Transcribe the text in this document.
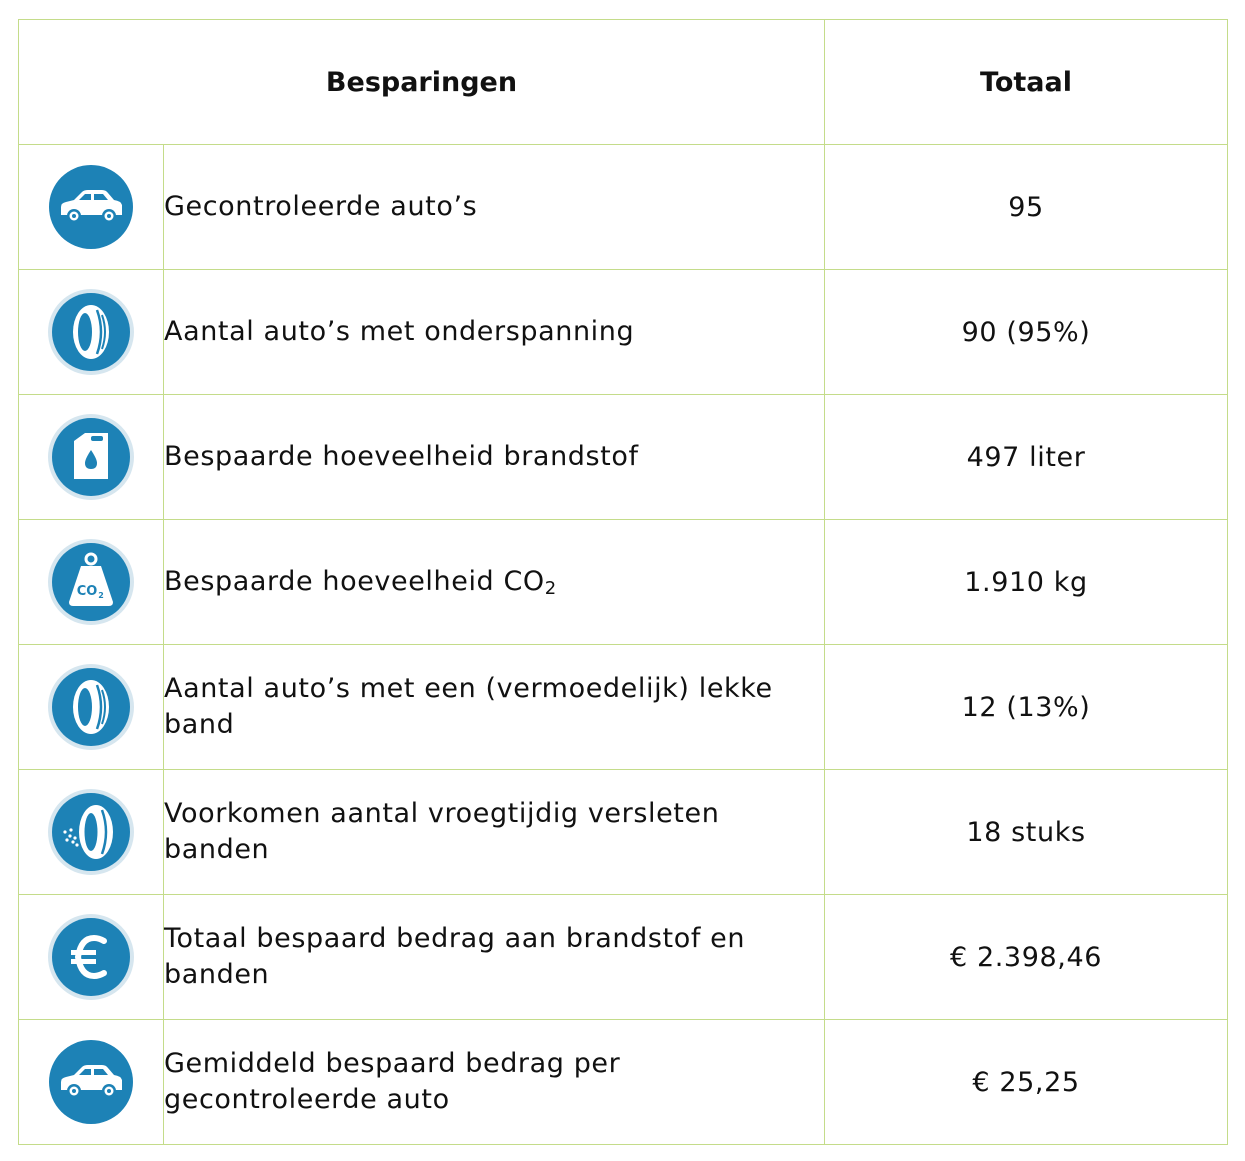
Besparingen		Totaal

	Gecontroleerde auto’s	95

	Aantal auto’s met onderspanning	90 (95%)

	Bespaarde hoeveelheid brandstof	497 liter

CO 2	Bespaarde hoeveelheid $CO_2$	1.910 kg

	Aantal auto’s met een (vermoedelijk) lekke band	12 (13%)

	Voorkomen aantal vroegtijdig versleten banden	18 stuks

	Totaal bespaard bedrag aan brandstof en banden	€ 2.398,46

	Gemiddeld bespaard bedrag per gecontroleerde auto	€ 25,25
